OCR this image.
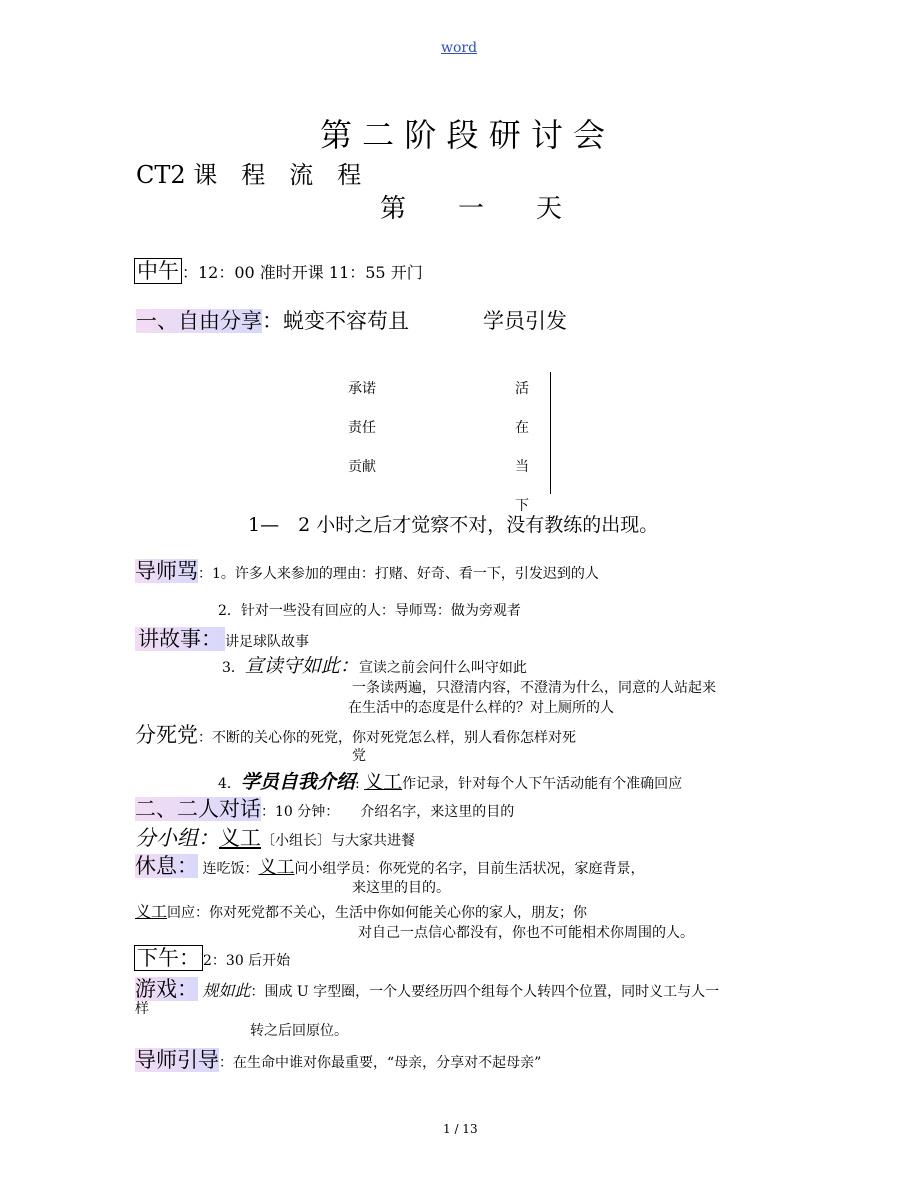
word
第 二 阶 段 研 讨 会
CT2 课　程　流　程
第　　一　　天
中午 ：12：00 准时开课 11：55 开门
一、自由分享：蜕变不容苟且	学员引发
承诺
责任
贡献
活
在
当
下
1—　2 小时之后才觉察不对，没有教练的出现。
导师骂：1。许多人来参加的理由：打赌、好奇、看一下，引发迟到的人
2．针对一些没有回应的人：导师骂：做为旁观者
讲故事： 讲足球队故事
3．宣读守如此：宣读之前会问什么叫守如此
一条读两遍，只澄清内容，不澄清为什么，同意的人站起来
在生活中的态度是什么样的？对上厕所的人
分死党：不断的关心你的死党，你对死党怎么样，别人看你怎样对死
党
4．学员自我介绍: 义工作记录，针对每个人下午活动能有个准确回应
二、二人对话：10 分钟：　　介绍名字，来这里的目的
分小组：义工〔小组长〕与大家共进餐
休息： 连吃饭：义工问小组学员：你死党的名字，目前生活状况，家庭背景，
来这里的目的。
义工回应：你对死党都不关心，生活中你如何能关心你的家人，朋友；你
对自己一点信心都没有，你也不可能相术你周围的人。
下午： 2：30 后开始
游戏： 规如此：围成 U 字型圈，一个人要经历四个组每个人转四个位置，同时义工与人一
样
转之后回原位。
导师引导：在生命中谁对你最重要，“母亲，分享对不起母亲”
1 / 13
